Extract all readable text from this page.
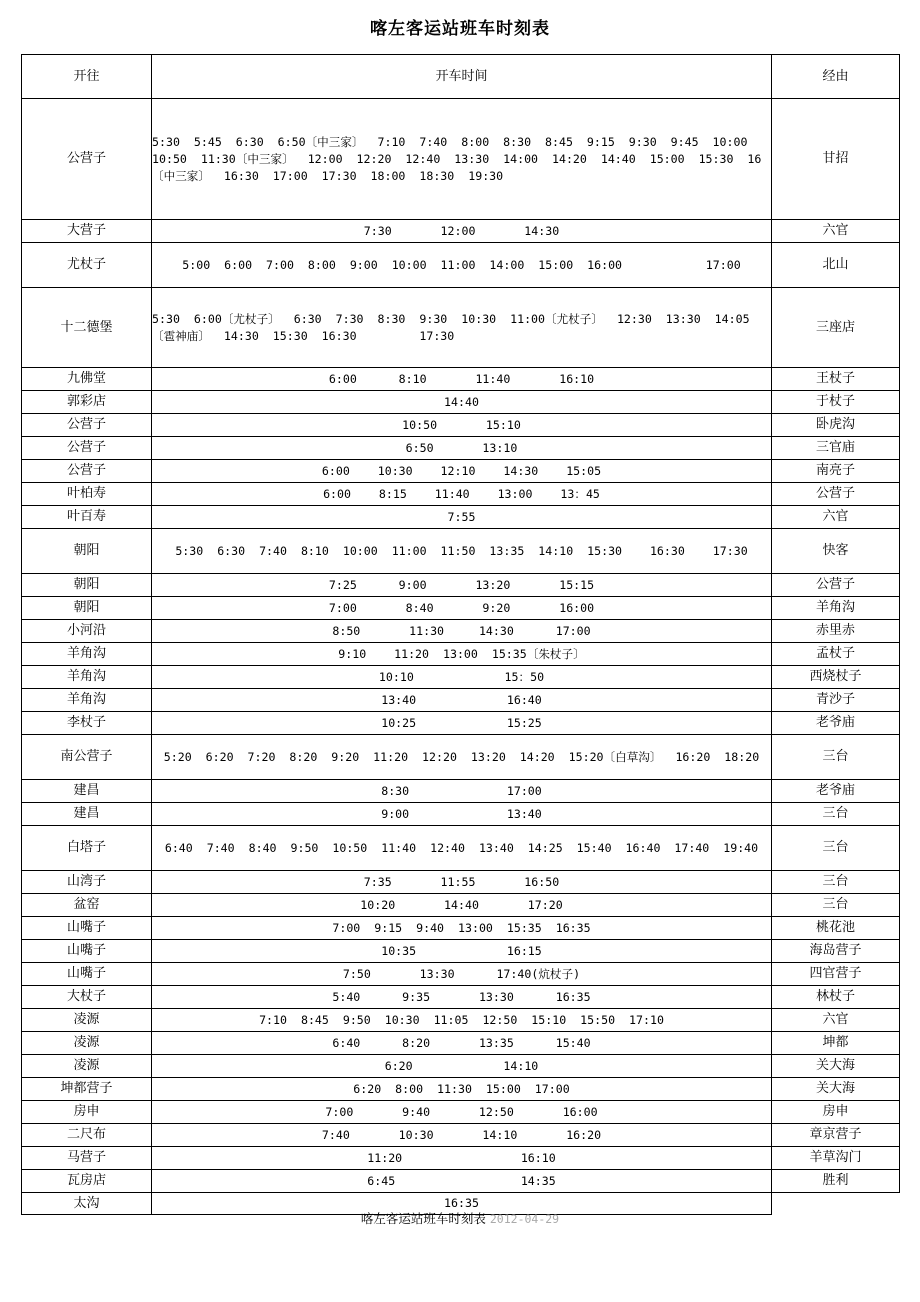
喀左客运站班车时刻表
开往	开车时间	经由
公营子	5:30  5:45  6:30  6:50〔中三家〕  7:10  7:40  8:00  8:30  8:45  9:15  9:30  9:45  10:00
10:50  11:30〔中三家〕  12:00  12:20  12:40  13:30  14:00  14:20  14:40  15:00  15:30  16
〔中三家〕  16:30  17:00  17:30  18:00  18:30  19:30	甘招
大营子	7:30       12:00       14:30	六官
尤杖子	5:00  6:00  7:00  8:00  9:00  10:00  11:00  14:00  15:00  16:00            17:00	北山
十二德堡	5:30  6:00〔尤杖子〕  6:30  7:30  8:30  9:30  10:30  11:00〔尤杖子〕  12:30  13:30  14:05
〔雹神庙〕  14:30  15:30  16:30         17:30	三座店
九佛堂	6:00      8:10       11:40       16:10	王杖子
郭彩店	14:40	于杖子
公营子	10:50       15:10	卧虎沟
公营子	6:50       13:10	三官庙
公营子	6:00    10:30    12:10    14:30    15:05	南亮子
叶柏寿	6:00    8:15    11:40    13:00    13：45	公营子
叶百寿	7:55	六官
朝阳	5:30  6:30  7:40  8:10  10:00  11:00  11:50  13:35  14:10  15:30    16:30    17:30	快客
朝阳	7:25      9:00       13:20       15:15	公营子
朝阳	7:00       8:40       9:20       16:00	羊角沟
小河沿	8:50       11:30     14:30      17:00	赤里赤
羊角沟	9:10    11:20  13:00  15:35〔朱杖子〕	孟杖子
羊角沟	10:10             15：50	西烧杖子
羊角沟	13:40             16:40	青沙子
李杖子	10:25             15:25	老爷庙
南公营子	5:20  6:20  7:20  8:20  9:20  11:20  12:20  13:20  14:20  15:20〔白草沟〕  16:20  18:20	三台
建昌	8:30              17:00	老爷庙
建昌	9:00              13:40	三台
白塔子	6:40  7:40  8:40  9:50  10:50  11:40  12:40  13:40  14:25  15:40  16:40  17:40  19:40	三台
山湾子	7:35       11:55       16:50	三台
盆窑	10:20       14:40       17:20	三台
山嘴子	7:00  9:15  9:40  13:00  15:35  16:35	桃花池
山嘴子	10:35             16:15	海岛营子
山嘴子	7:50       13:30      17:40(炕杖子)	四官营子
大杖子	5:40      9:35       13:30      16:35	林杖子
凌源	7:10  8:45  9:50  10:30  11:05  12:50  15:10  15:50  17:10	六官
凌源	6:40      8:20       13:35      15:40	坤都
凌源	6:20             14:10	关大海
坤都营子	6:20  8:00  11:30  15:00  17:00	关大海
房申	7:00       9:40       12:50       16:00	房申
二尺布	7:40       10:30       14:10       16:20	章京营子
马营子	11:20                 16:10	羊草沟门
瓦房店	6:45                  14:35	胜利
太沟	16:35	
喀左客运站班车时刻表 2012-04-29
